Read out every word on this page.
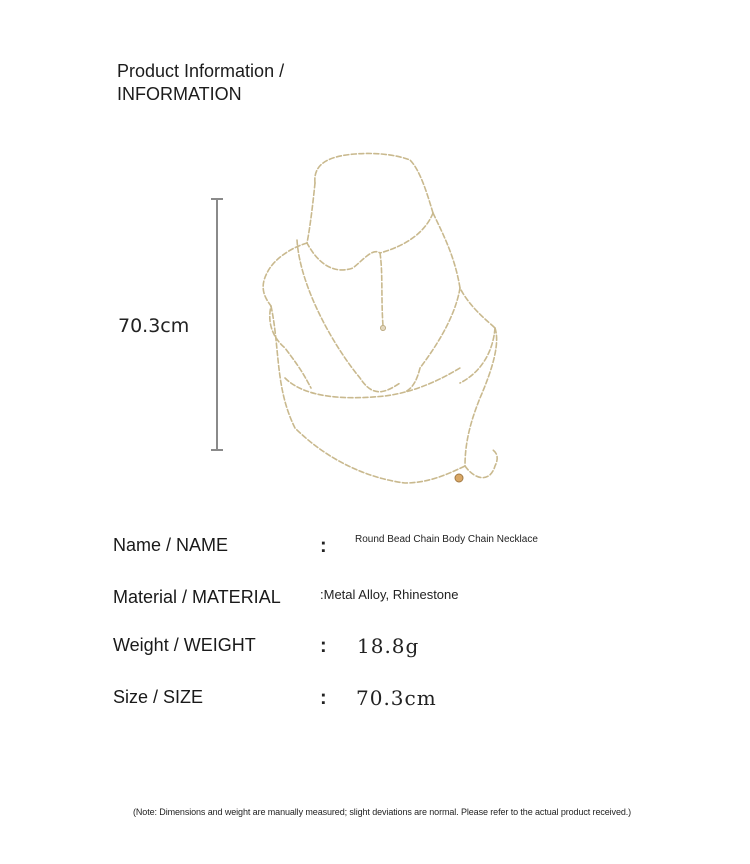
Product Information /
INFORMATION
70.3cm
Name / NAME	:	Round Bead Chain Body Chain Necklace
Material / MATERIAL	:Metal Alloy, Rhinestone
Weight / WEIGHT	: 18.8g
Size / SIZE	: 70.3cm
(Note: Dimensions and weight are manually measured; slight deviations are normal. Please refer to the actual product received.)
